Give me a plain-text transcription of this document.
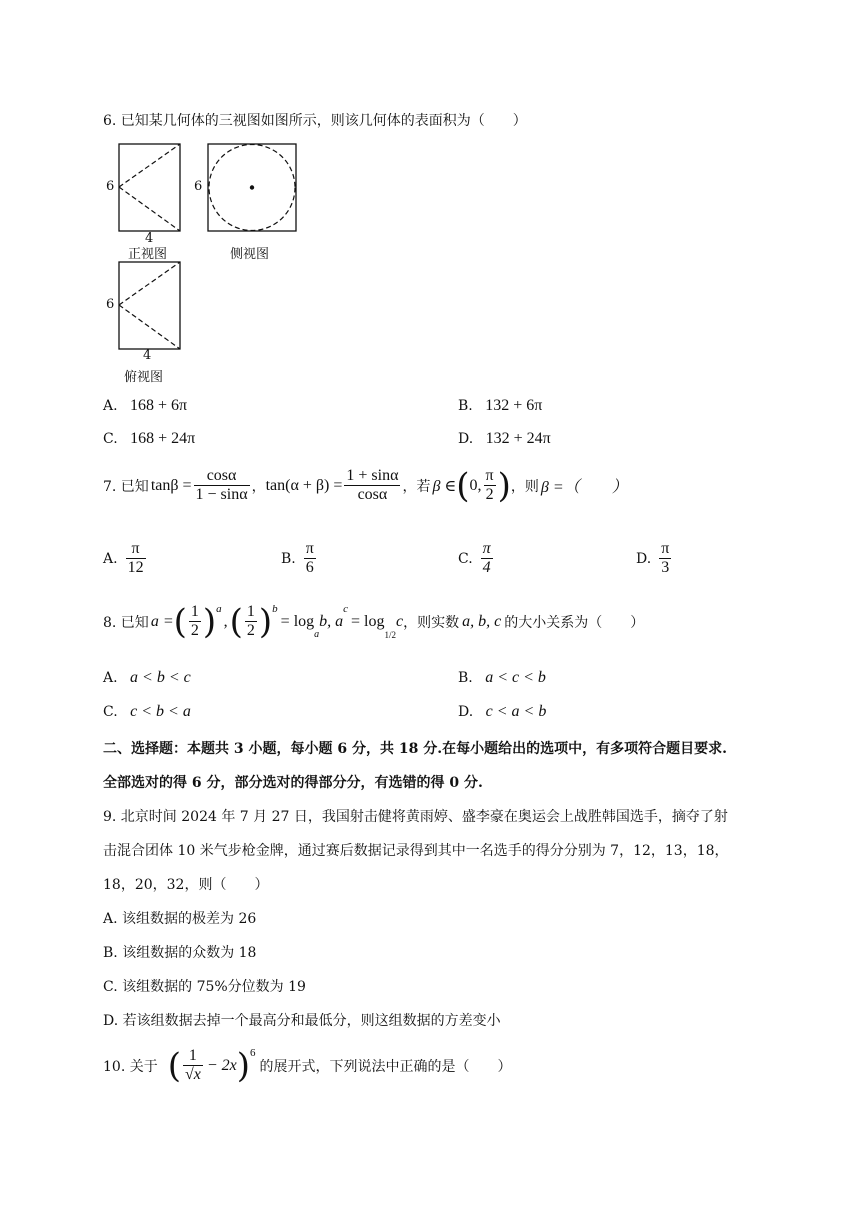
6. 已知某几何体的三视图如图所示，则该几何体的表面积为（　　）
6
4
正视图
6
侧视图
6
4
俯视图
A. 168 + 6π	B. 132 + 6π
C. 168 + 24π	D. 132 + 24π
7. 已知 $\tan\beta = \frac{\cos\alpha}{1 - \sin\alpha}$ ， $\tan(\alpha + \beta) = \frac{1 + \sin\alpha}{\cos\alpha}$ ，若 β ∈ ( 0, $\frac{\pi}{2}$ ) ，则 β =（　　）
A. $\frac{\pi}{12}$	B. $\frac{\pi}{6}$	C. $\frac{\pi}{4}$	D. $\frac{\pi}{3}$
8. 已知 a = ( $\frac{1}{2} )^a$
, ( $\frac{1}{2} )^b$
= log
$_a$
b, a
$^c$
= log
$_{1/2}$
c ，则实数 a, b, c 的大小关系为（　　）
A. a < b < c	B. a < c < b
C. c < b < a	D. c < a < b
二、选择题：本题共 3 小题，每小题 6 分，共 18 分.在每小题给出的选项中，有多项符合题目要求.
全部选对的得 6 分，部分选对的得部分分，有选错的得 0 分.
9. 北京时间 2024 年 7 月 27 日，我国射击健将黄雨婷、盛李豪在奥运会上战胜韩国选手，摘夺了射
击混合团体 10 米气步枪金牌，通过赛后数据记录得到其中一名选手的得分分别为 7，12，13，18，
18，20，32，则（　　）
A. 该组数据的极差为 26
B. 该组数据的众数为 18
C. 该组数据的 75%分位数为 19
D. 若该组数据去掉一个最高分和最低分，则这组数据的方差变小
10. 关于 ( $\frac{1}{√x} - 2x$ )$^6$
的展开式，下列说法中正确的是（　　）
